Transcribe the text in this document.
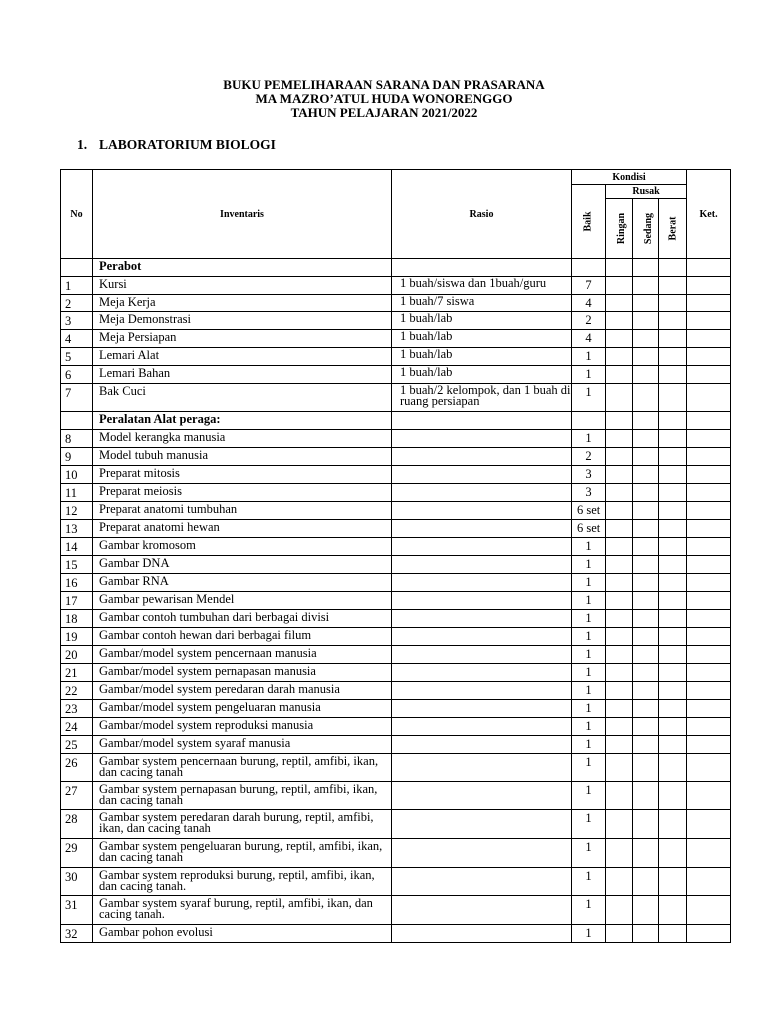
BUKU PEMELIHARAAN SARANA DAN PRASARANA
MA MAZRO’ATUL HUDA WONORENGGO
TAHUN PELAJARAN 2021/2022
1. LABORATORIUM BIOLOGI
No	Inventaris	Rasio	Kondisi				Ket.
			Baik	Rusak			
				Ringan	Sedang	Berat	
	Perabot						
1	Kursi	1 buah/siswa dan 1buah/guru	7				
2	Meja Kerja	1 buah/7 siswa	4				
3	Meja Demonstrasi	1 buah/lab	2				
4	Meja Persiapan	1 buah/lab	4				
5	Lemari Alat	1 buah/lab	1				
6	Lemari Bahan	1 buah/lab	1				
7	Bak Cuci	1 buah/2 kelompok, dan 1 buah di ruang persiapan	1				
	Peralatan Alat peraga:						
8	Model kerangka manusia		1				
9	Model tubuh manusia		2				
10	Preparat mitosis		3				
11	Preparat meiosis		3				
12	Preparat anatomi tumbuhan		6 set				
13	Preparat anatomi hewan		6 set				
14	Gambar kromosom		1				
15	Gambar DNA		1				
16	Gambar RNA		1				
17	Gambar pewarisan Mendel		1				
18	Gambar contoh tumbuhan dari berbagai divisi		1				
19	Gambar contoh hewan dari berbagai filum		1				
20	Gambar/model system pencernaan manusia		1				
21	Gambar/model system pernapasan manusia		1				
22	Gambar/model system peredaran darah manusia		1				
23	Gambar/model system pengeluaran manusia		1				
24	Gambar/model system reproduksi manusia		1				
25	Gambar/model system syaraf manusia		1				
26	Gambar system pencernaan burung, reptil, amfibi, ikan, dan cacing tanah		1				
27	Gambar system pernapasan burung, reptil, amfibi, ikan, dan cacing tanah		1				
28	Gambar system peredaran darah burung, reptil, amfibi, ikan, dan cacing tanah		1				
29	Gambar system pengeluaran burung, reptil, amfibi, ikan, dan cacing tanah		1				
30	Gambar system reproduksi burung, reptil, amfibi, ikan, dan cacing tanah.		1				
31	Gambar system syaraf burung, reptil, amfibi, ikan, dan cacing tanah.		1				
32	Gambar pohon evolusi		1				
